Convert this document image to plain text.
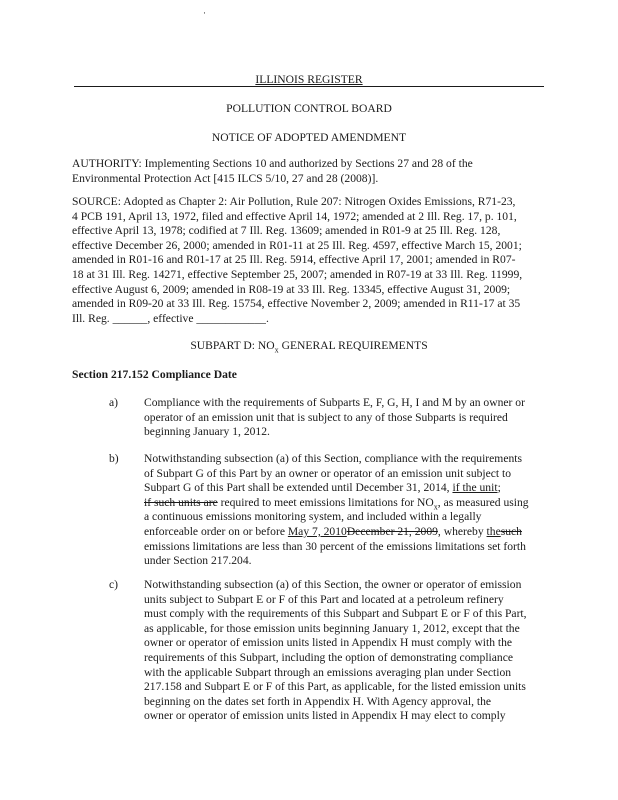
·
ILLINOIS REGISTER
POLLUTION CONTROL BOARD
NOTICE OF ADOPTED AMENDMENT
AUTHORITY: Implementing Sections 10 and authorized by Sections 27 and 28 of the
Environmental Protection Act [415 ILCS 5/10, 27 and 28 (2008)].
SOURCE: Adopted as Chapter 2: Air Pollution, Rule 207: Nitrogen Oxides Emissions, R71-23,
4 PCB 191, April 13, 1972, filed and effective April 14, 1972; amended at 2 Ill. Reg. 17, p. 101,
effective April 13, 1978; codified at 7 Ill. Reg. 13609; amended in R01-9 at 25 Ill. Reg. 128,
effective December 26, 2000; amended in R01-11 at 25 Ill. Reg. 4597, effective March 15, 2001;
amended in R01-16 and R01-17 at 25 Ill. Reg. 5914, effective April 17, 2001; amended in R07-
18 at 31 Ill. Reg. 14271, effective September 25, 2007; amended in R07-19 at 33 Ill. Reg. 11999,
effective August 6, 2009; amended in R08-19 at 33 Ill. Reg. 13345, effective August 31, 2009;
amended in R09-20 at 33 Ill. Reg. 15754, effective November 2, 2009; amended in R11-17 at 35
Ill. Reg. ______, effective ____________.
SUBPART D: $NO_x$ GENERAL REQUIREMENTS
Section 217.152 Compliance Date
a) Compliance with the requirements of Subparts E, F, G, H, I and M by an owner or
operator of an emission unit that is subject to any of those Subparts is required
beginning January 1, 2012.
b) Notwithstanding subsection (a) of this Section, compliance with the requirements
of Subpart G of this Part by an owner or operator of an emission unit subject to
Subpart G of this Part shall be extended until December 31, 2014, if the unit;
if such units are required to meet emissions limitations for $NO_x$, as measured using
a continuous emissions monitoring system, and included within a legally
enforceable order on or before May 7, 2010December 21, 2009, whereby thesuch
emissions limitations are less than 30 percent of the emissions limitations set forth
under Section 217.204.
c) Notwithstanding subsection (a) of this Section, the owner or operator of emission
units subject to Subpart E or F of this Part and located at a petroleum refinery
must comply with the requirements of this Subpart and Subpart E or F of this Part,
as applicable, for those emission units beginning January 1, 2012, except that the
owner or operator of emission units listed in Appendix H must comply with the
requirements of this Subpart, including the option of demonstrating compliance
with the applicable Subpart through an emissions averaging plan under Section
217.158 and Subpart E or F of this Part, as applicable, for the listed emission units
beginning on the dates set forth in Appendix H. With Agency approval, the
owner or operator of emission units listed in Appendix H may elect to comply
